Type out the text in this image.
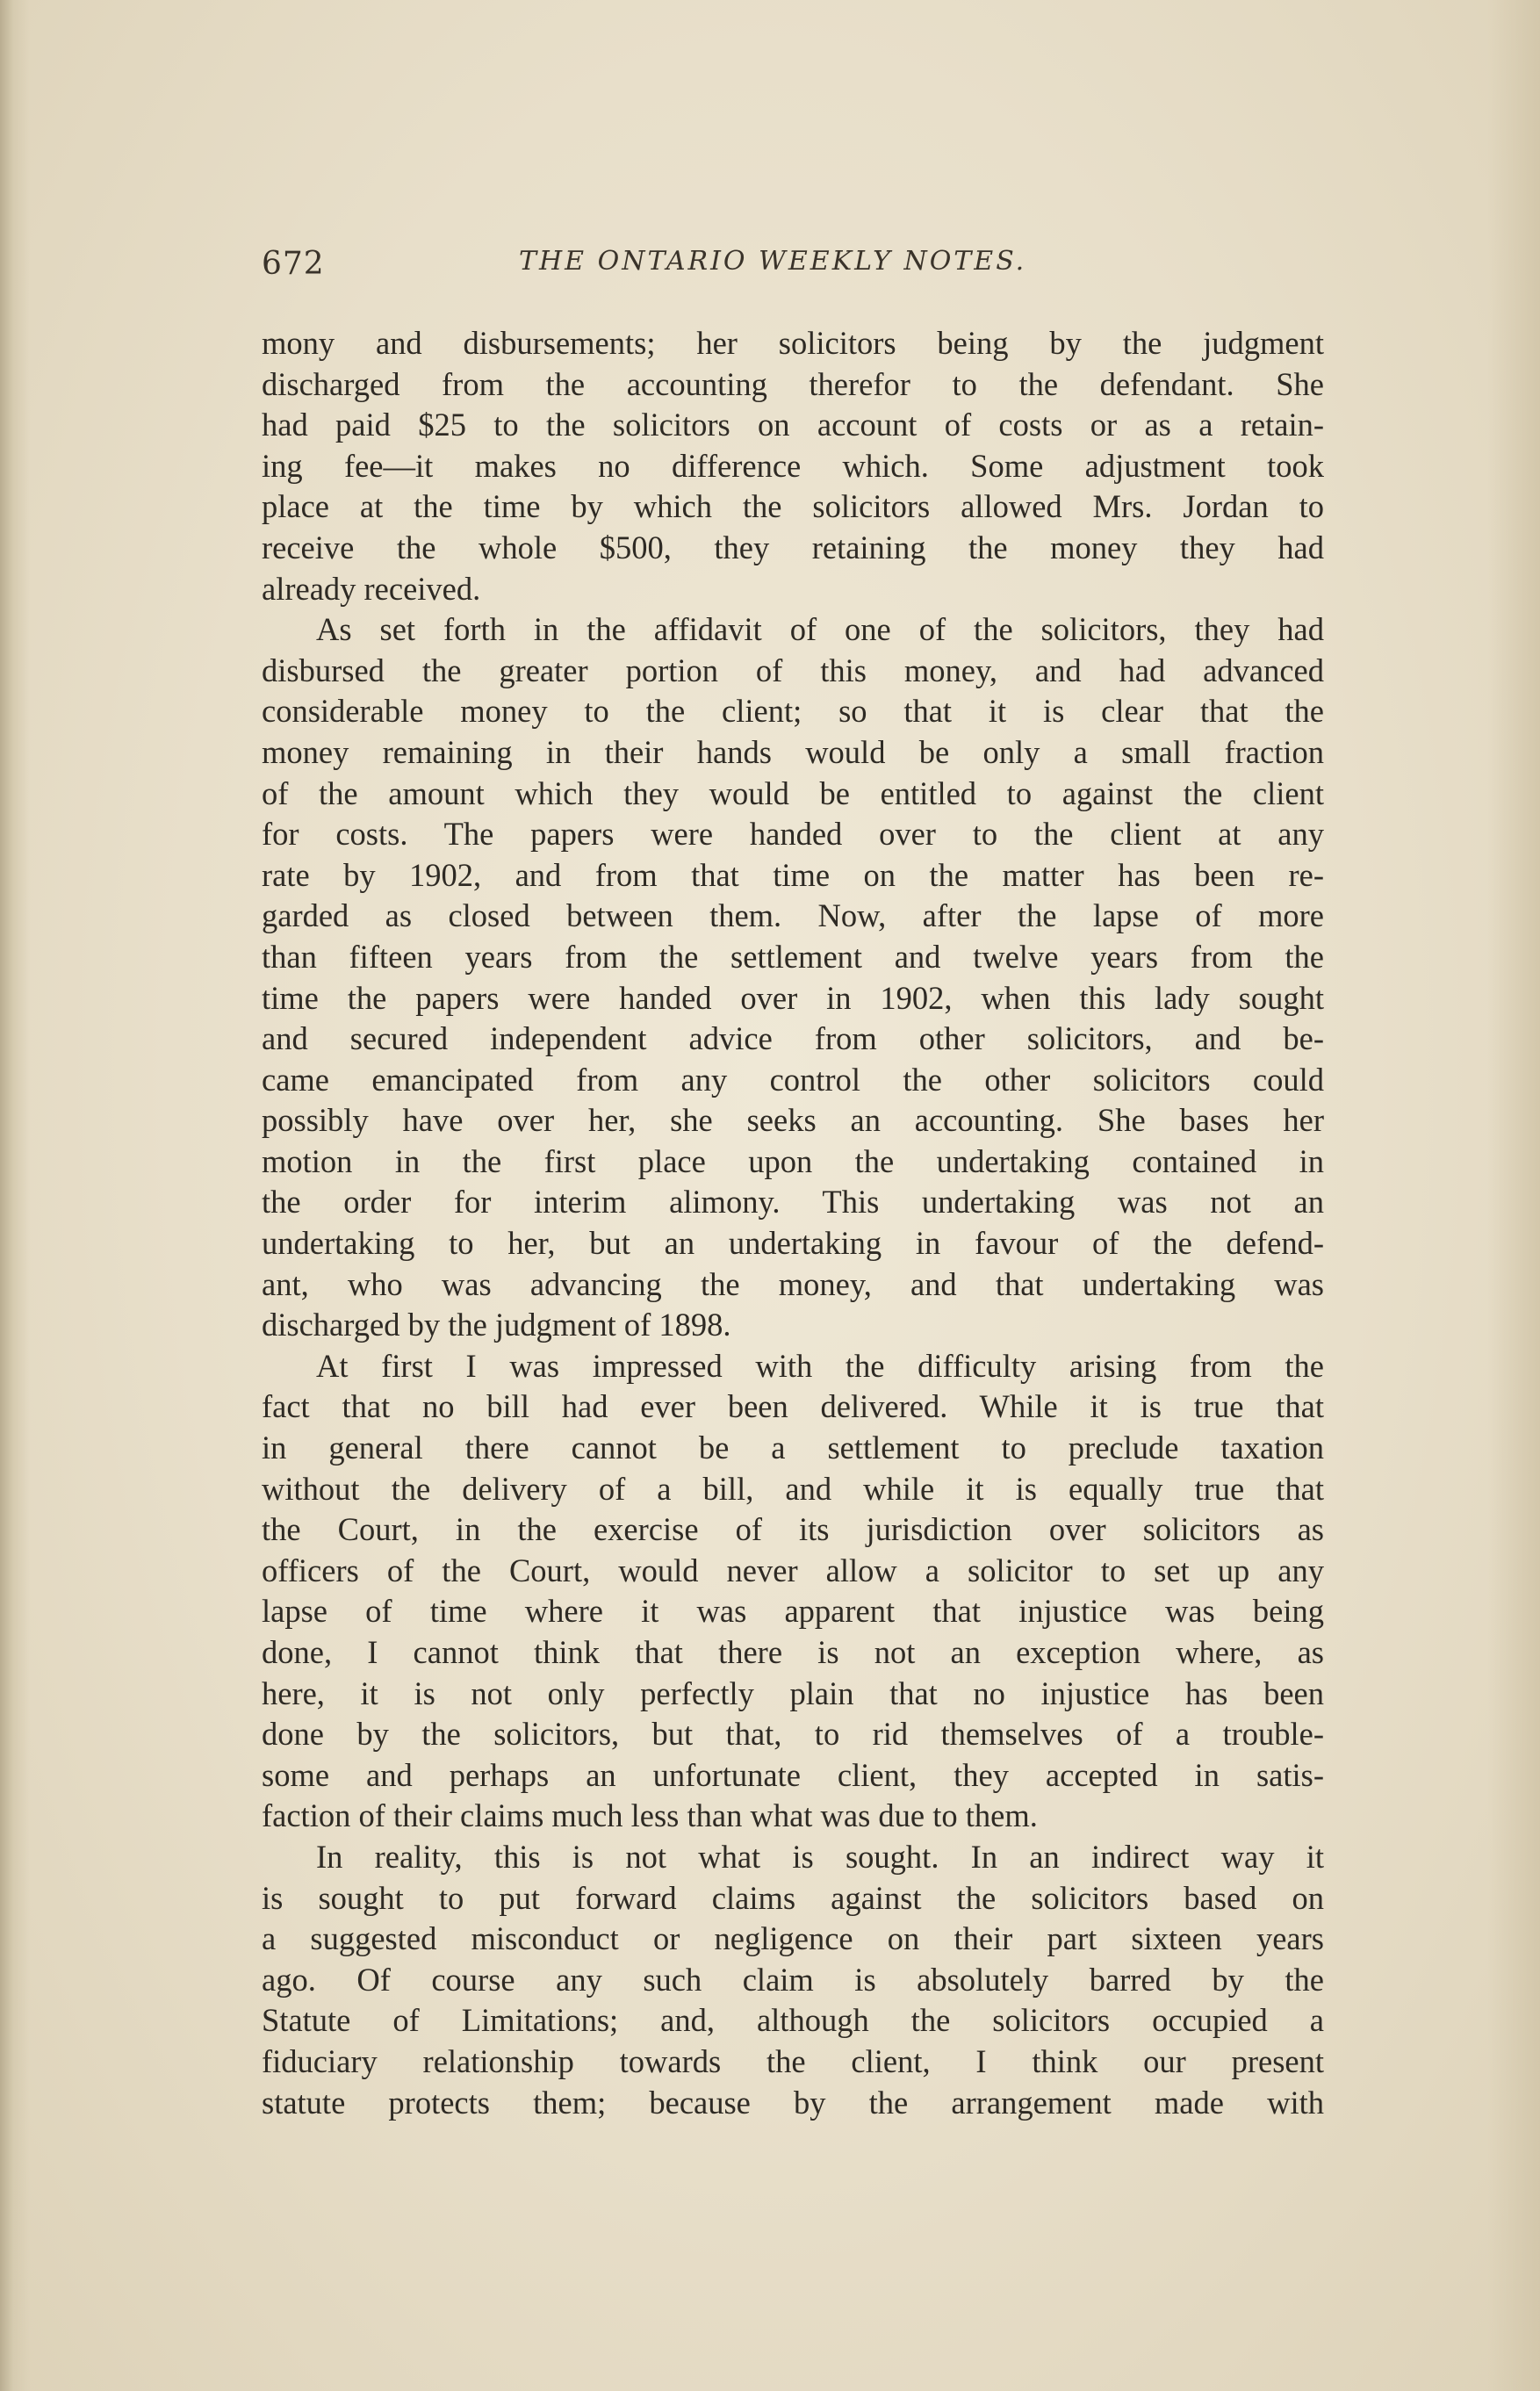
672	THE ONTARIO WEEKLY NOTES.
mony and disbursements; her solicitors being by the judgment
discharged from the accounting therefor to the defendant. She
had paid $25 to the solicitors on account of costs or as a retain-
ing fee—it makes no difference which. Some adjustment took
place at the time by which the solicitors allowed Mrs. Jordan to
receive the whole $500, they retaining the money they had
already received.
As set forth in the affidavit of one of the solicitors, they had
disbursed the greater portion of this money, and had advanced
considerable money to the client; so that it is clear that the
money remaining in their hands would be only a small fraction
of the amount which they would be entitled to against the client
for costs. The papers were handed over to the client at any
rate by 1902, and from that time on the matter has been re-
garded as closed between them. Now, after the lapse of more
than fifteen years from the settlement and twelve years from the
time the papers were handed over in 1902, when this lady sought
and secured independent advice from other solicitors, and be-
came emancipated from any control the other solicitors could
possibly have over her, she seeks an accounting. She bases her
motion in the first place upon the undertaking contained in
the order for interim alimony. This undertaking was not an
undertaking to her, but an undertaking in favour of the defend-
ant, who was advancing the money, and that undertaking was
discharged by the judgment of 1898.
At first I was impressed with the difficulty arising from the
fact that no bill had ever been delivered. While it is true that
in general there cannot be a settlement to preclude taxation
without the delivery of a bill, and while it is equally true that
the Court, in the exercise of its jurisdiction over solicitors as
officers of the Court, would never allow a solicitor to set up any
lapse of time where it was apparent that injustice was being
done, I cannot think that there is not an exception where, as
here, it is not only perfectly plain that no injustice has been
done by the solicitors, but that, to rid themselves of a trouble-
some and perhaps an unfortunate client, they accepted in satis-
faction of their claims much less than what was due to them.
In reality, this is not what is sought. In an indirect way it
is sought to put forward claims against the solicitors based on
a suggested misconduct or negligence on their part sixteen years
ago. Of course any such claim is absolutely barred by the
Statute of Limitations; and, although the solicitors occupied a
fiduciary relationship towards the client, I think our present
statute protects them; because by the arrangement made with
